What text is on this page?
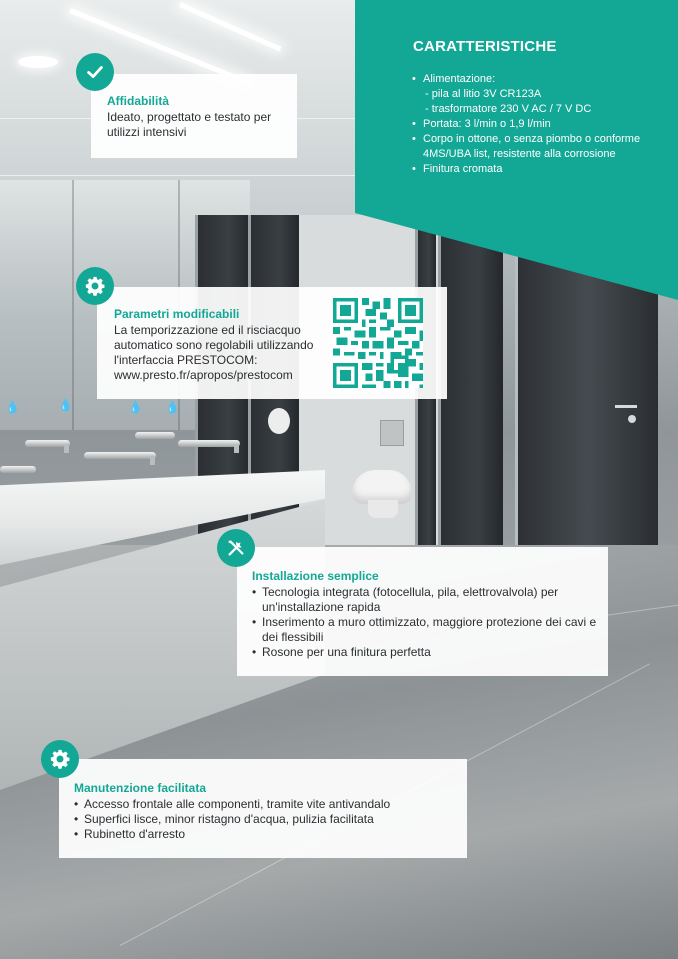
💧	💧	💧 💧
CARATTERISTICHE
• Alimentazione:
- pila al litio 3V CR123A
- trasformatore 230 V AC / 7 V DC
• Portata: 3 l/min o 1,9 l/min
• Corpo in ottone, o senza piombo o conforme 4MS/UBA list, resistente alla corrosione
• Finitura cromata

Affidabilità

Ideato, progettato e testato per utilizzi intensivi

Parametri modificabili

La temporizzazione ed il risciacquo automatico sono regolabili utilizzando l'interfaccia PRESTOCOM: www.presto.fr/apropos/prestocom

Installazione semplice

• Tecnologia integrata (fotocellula, pila, elettrovalvola) per un'installazione rapida
• Inserimento a muro ottimizzato, maggiore protezione dei cavi e dei flessibili
• Rosone per una finitura perfetta

Manutenzione facilitata

• Accesso frontale alle componenti, tramite vite antivandalo
• Superfici lisce, minor ristagno d'acqua, pulizia facilitata
• Rubinetto d'arresto
